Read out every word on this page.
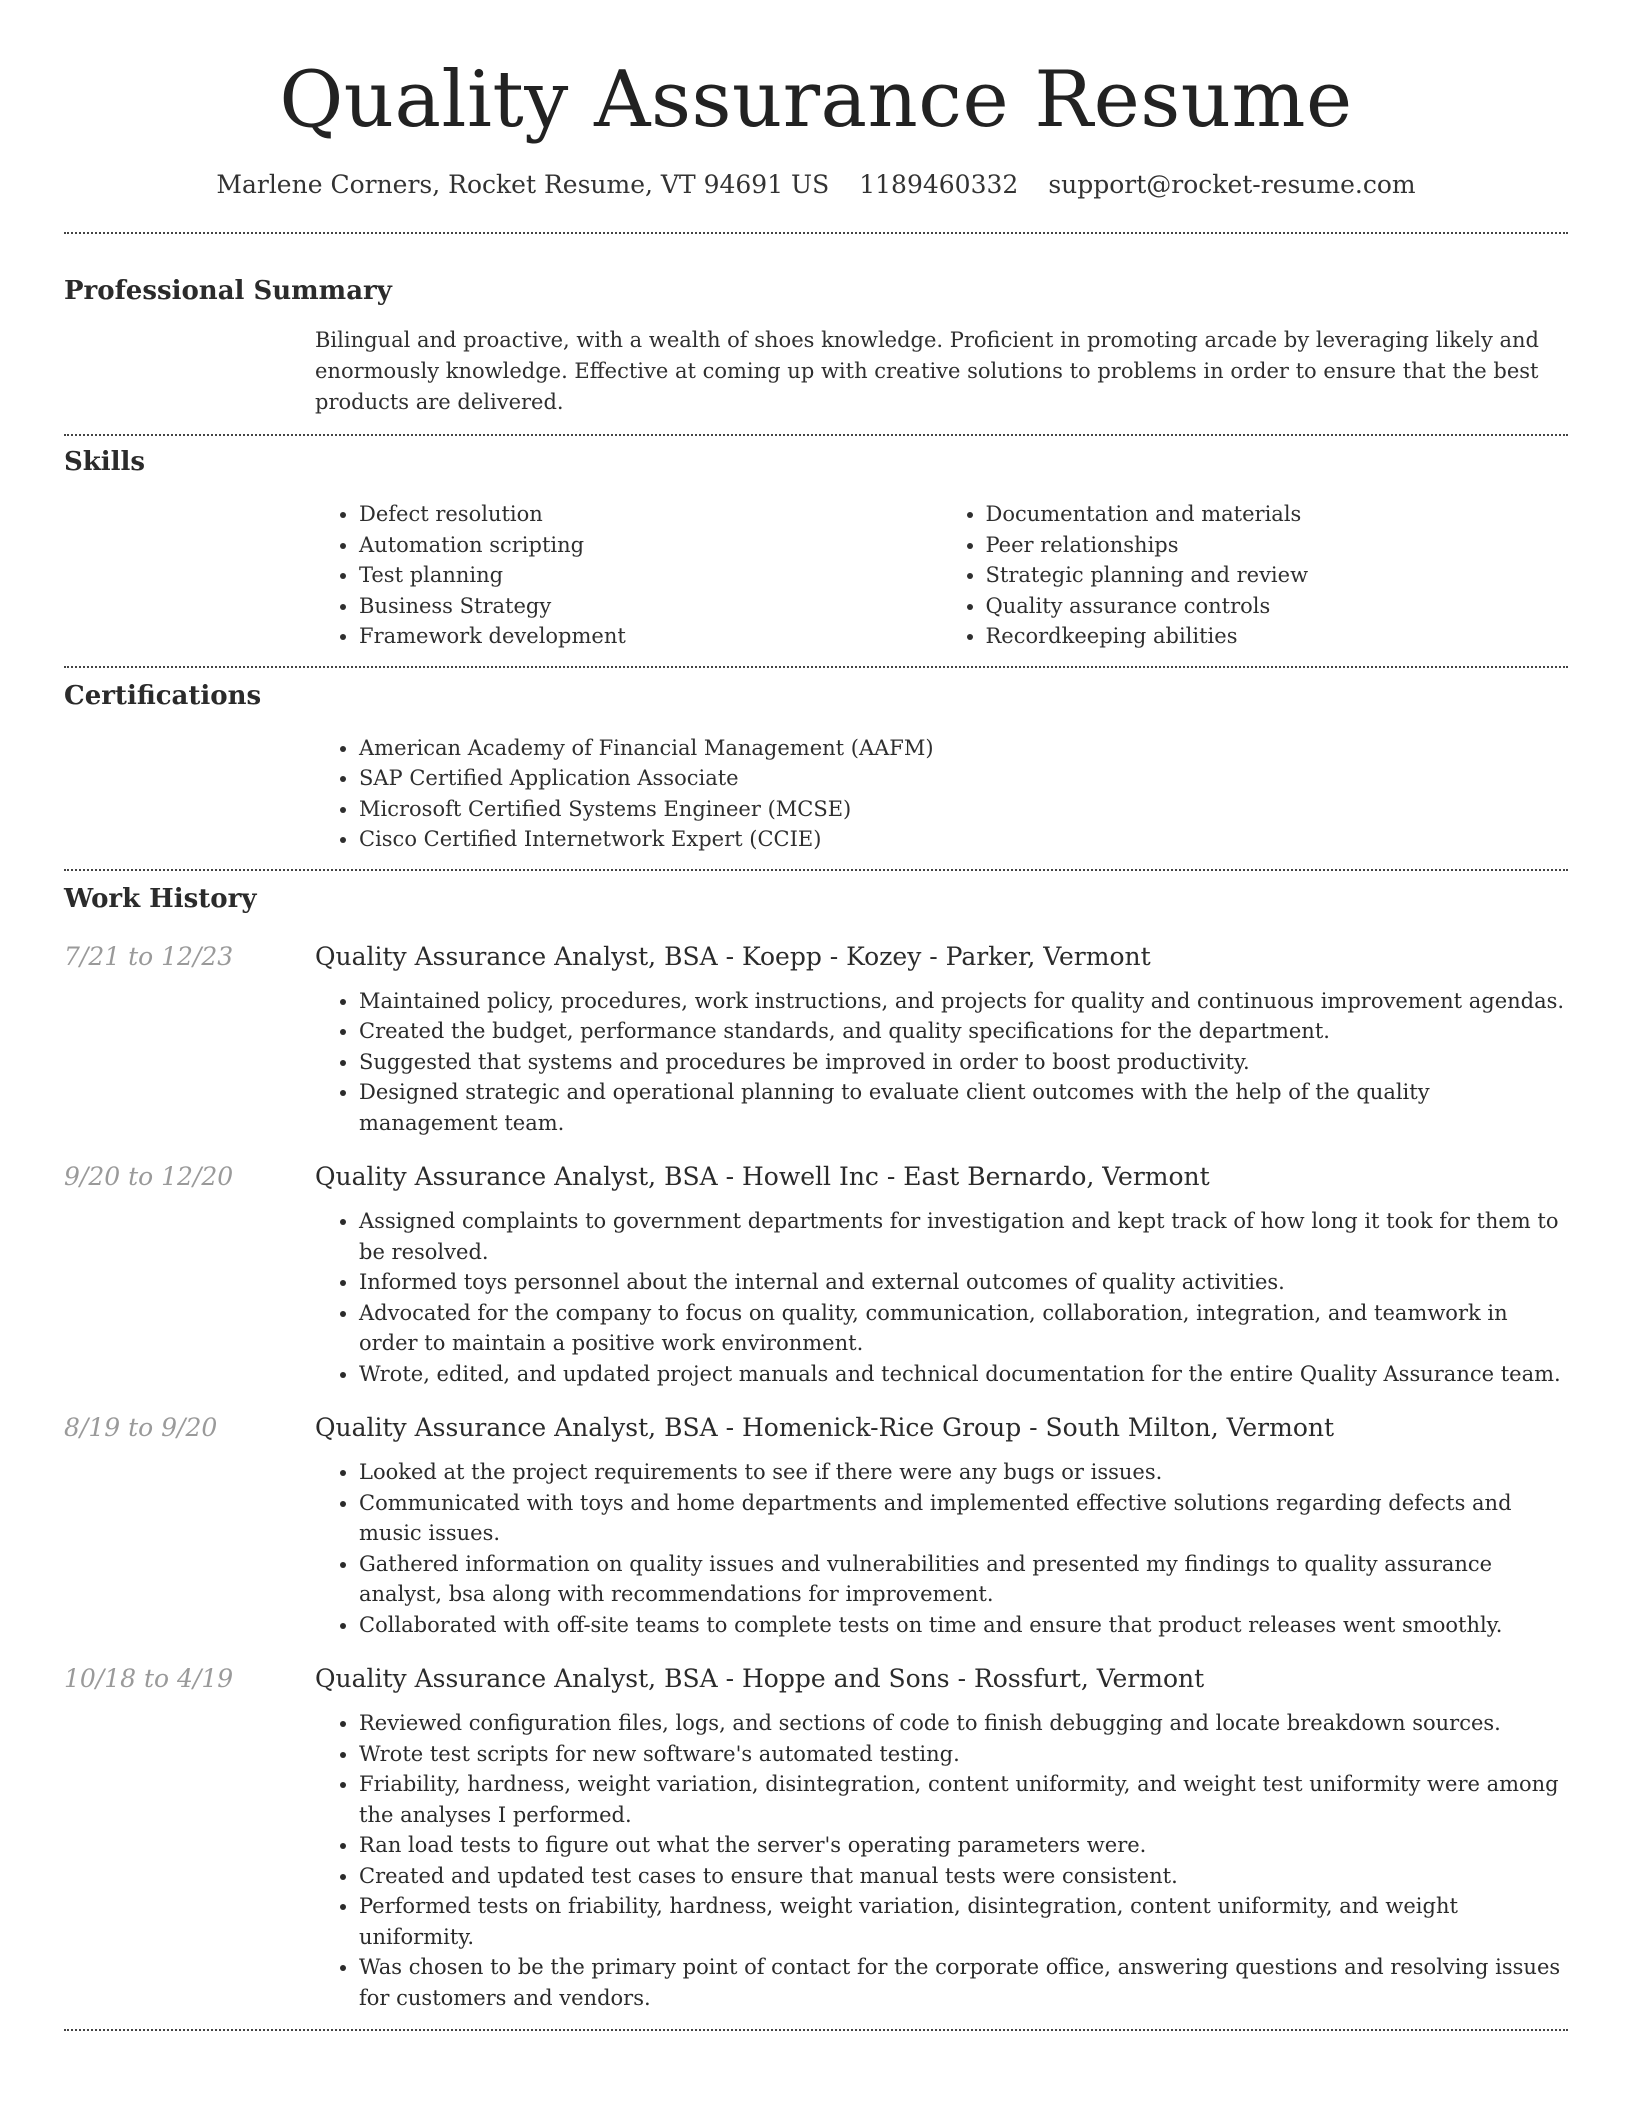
Quality Assurance Resume
Marlene Corners, Rocket Resume, VT 94691 US 1189460332 support@rocket-resume.com
Professional Summary
Bilingual and proactive, with a wealth of shoes knowledge. Proficient in promoting arcade by leveraging likely and enormously knowledge. Effective at coming up with creative solutions to problems in order to ensure that the best products are delivered.
Skills
• Defect resolution
• Automation scripting
• Test planning
• Business Strategy
• Framework development
• Documentation and materials
• Peer relationships
• Strategic planning and review
• Quality assurance controls
• Recordkeeping abilities
Certifications
• American Academy of Financial Management (AAFM)
• SAP Certified Application Associate
• Microsoft Certified Systems Engineer (MCSE)
• Cisco Certified Internetwork Expert (CCIE)
Work History
7/21 to 12/23	Quality Assurance Analyst, BSA - Koepp - Kozey - Parker, Vermont
• Maintained policy, procedures, work instructions, and projects for quality and continuous improvement agendas.
• Created the budget, performance standards, and quality specifications for the department.
• Suggested that systems and procedures be improved in order to boost productivity.
• Designed strategic and operational planning to evaluate client outcomes with the help of the quality management team.
9/20 to 12/20	Quality Assurance Analyst, BSA - Howell Inc - East Bernardo, Vermont
• Assigned complaints to government departments for investigation and kept track of how long it took for them to be resolved.
• Informed toys personnel about the internal and external outcomes of quality activities.
• Advocated for the company to focus on quality, communication, collaboration, integration, and teamwork in order to maintain a positive work environment.
• Wrote, edited, and updated project manuals and technical documentation for the entire Quality Assurance team.
8/19 to 9/20	Quality Assurance Analyst, BSA - Homenick-Rice Group - South Milton, Vermont
• Looked at the project requirements to see if there were any bugs or issues.
• Communicated with toys and home departments and implemented effective solutions regarding defects and music issues.
• Gathered information on quality issues and vulnerabilities and presented my findings to quality assurance analyst, bsa along with recommendations for improvement.
• Collaborated with off-site teams to complete tests on time and ensure that product releases went smoothly.
10/18 to 4/19	Quality Assurance Analyst, BSA - Hoppe and Sons - Rossfurt, Vermont
• Reviewed configuration files, logs, and sections of code to finish debugging and locate breakdown sources.
• Wrote test scripts for new software's automated testing.
• Friability, hardness, weight variation, disintegration, content uniformity, and weight test uniformity were among the analyses I performed.
• Ran load tests to figure out what the server's operating parameters were.
• Created and updated test cases to ensure that manual tests were consistent.
• Performed tests on friability, hardness, weight variation, disintegration, content uniformity, and weight uniformity.
• Was chosen to be the primary point of contact for the corporate office, answering questions and resolving issues for customers and vendors.
